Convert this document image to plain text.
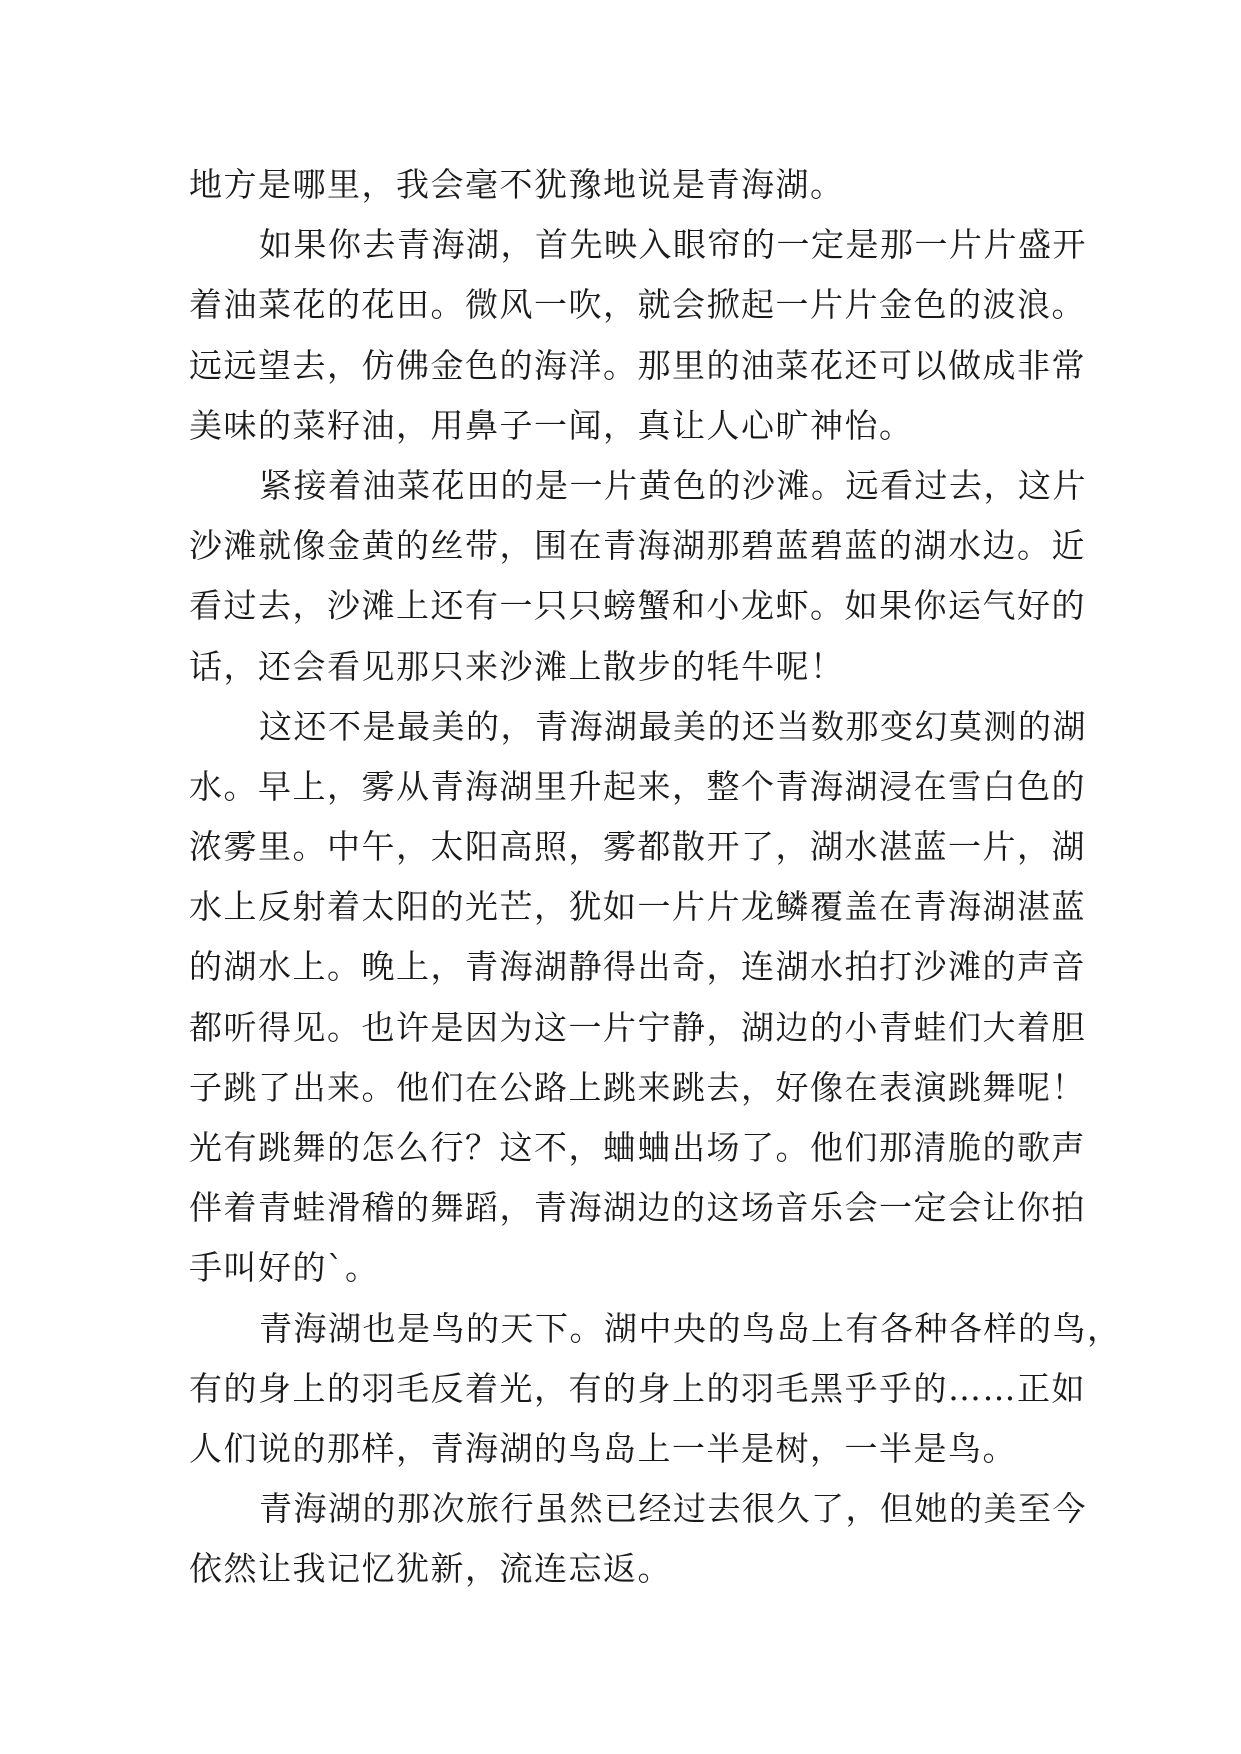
地方是哪里，我会毫不犹豫地说是青海湖。
如果你去青海湖，首先映入眼帘的一定是那一片片盛开
着油菜花的花田。微风一吹，就会掀起一片片金色的波浪。
远远望去，仿佛金色的海洋。那里的油菜花还可以做成非常
美味的菜籽油，用鼻子一闻，真让人心旷神怡。
紧接着油菜花田的是一片黄色的沙滩。远看过去，这片
沙滩就像金黄的丝带，围在青海湖那碧蓝碧蓝的湖水边。近
看过去，沙滩上还有一只只螃蟹和小龙虾。如果你运气好的
话，还会看见那只来沙滩上散步的牦牛呢！
这还不是最美的，青海湖最美的还当数那变幻莫测的湖
水。早上，雾从青海湖里升起来，整个青海湖浸在雪白色的
浓雾里。中午，太阳高照，雾都散开了，湖水湛蓝一片，湖
水上反射着太阳的光芒，犹如一片片龙鳞覆盖在青海湖湛蓝
的湖水上。晚上，青海湖静得出奇，连湖水拍打沙滩的声音
都听得见。也许是因为这一片宁静，湖边的小青蛙们大着胆
子跳了出来。他们在公路上跳来跳去，好像在表演跳舞呢！
光有跳舞的怎么行？这不，蛐蛐出场了。他们那清脆的歌声
伴着青蛙滑稽的舞蹈，青海湖边的这场音乐会一定会让你拍
手叫好的`。
青海湖也是鸟的天下。湖中央的鸟岛上有各种各样的鸟，
有的身上的羽毛反着光，有的身上的羽毛黑乎乎的……正如
人们说的那样，青海湖的鸟岛上一半是树，一半是鸟。
青海湖的那次旅行虽然已经过去很久了，但她的美至今
依然让我记忆犹新，流连忘返。
